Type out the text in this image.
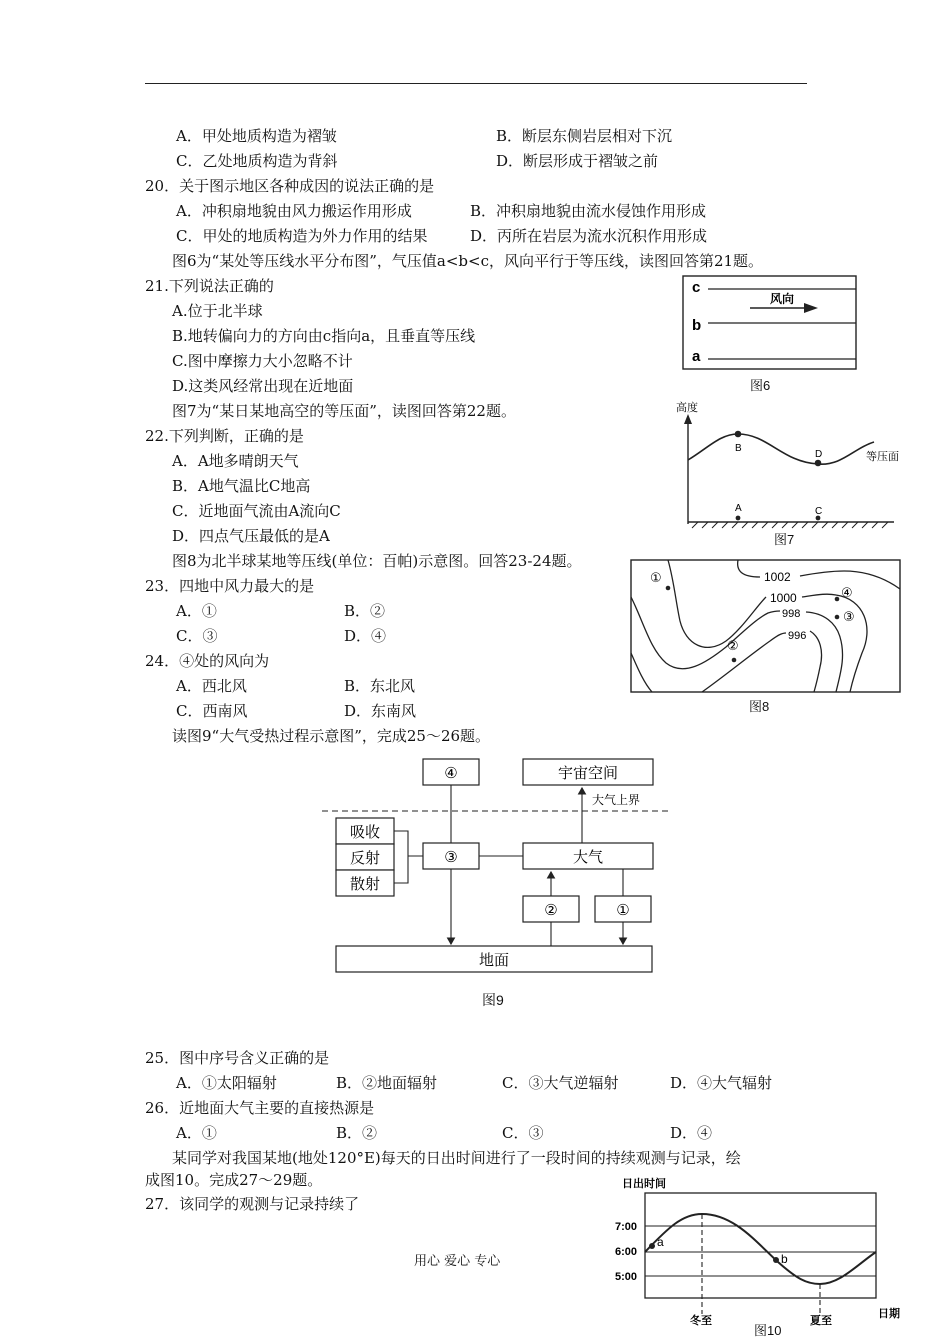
A．甲处地质构造为褶皱	B．断层东侧岩层相对下沉
C．乙处地质构造为背斜	D．断层形成于褶皱之前
20．关于图示地区各种成因的说法正确的是
A．冲积扇地貌由风力搬运作用形成	B．冲积扇地貌由流水侵蚀作用形成
C．甲处的地质构造为外力作用的结果	D．丙所在岩层为流水沉积作用形成
图6为“某处等压线水平分布图”，气压值a<b<c，风向平行于等压线，读图回答第21题。
21.下列说法正确的
A.位于北半球
B.地转偏向力的方向由c指向a，且垂直等压线
C.图中摩擦力大小忽略不计
D.这类风经常出现在近地面
c
b
a
风向
图6
图7为“某日某地高空的等压面”，读图回答第22题。
22.下列判断，正确的是
A．A地多晴朗天气
B．A地气温比C地高
C．近地面气流由A流向C
D．四点气压最低的是A
高度
B
D
A	C
等压面
图7
图8为北半球某地等压线(单位：百帕)示意图。回答23-24题。
23．四地中风力最大的是
A．①	B．②
C．③	D．④
24．④处的风向为
A．西北风	B．东北风
C．西南风	D．东南风
1002
1000
998
996
①
②
③
④
图8
读图9“大气受热过程示意图”，完成25～26题。
④	宇宙空间
大气上界
吸收
反射
散射
③	大气
②	①
地面
图9
25．图中序号含义正确的是
A．①太阳辐射	B．②地面辐射	C．③大气逆辐射	D．④大气辐射
26．近地面大气主要的直接热源是
A．①	B．②	C．③	D．④
某同学对我国某地(地处120°E)每天的日出时间进行了一段时间的持续观测与记录，绘
成图10。完成27～29题。
27．该同学的观测与记录持续了
日出时间
7:00
6:00
5:00
a
b
冬至	夏至
日期
图10
用心 爱心 专心
